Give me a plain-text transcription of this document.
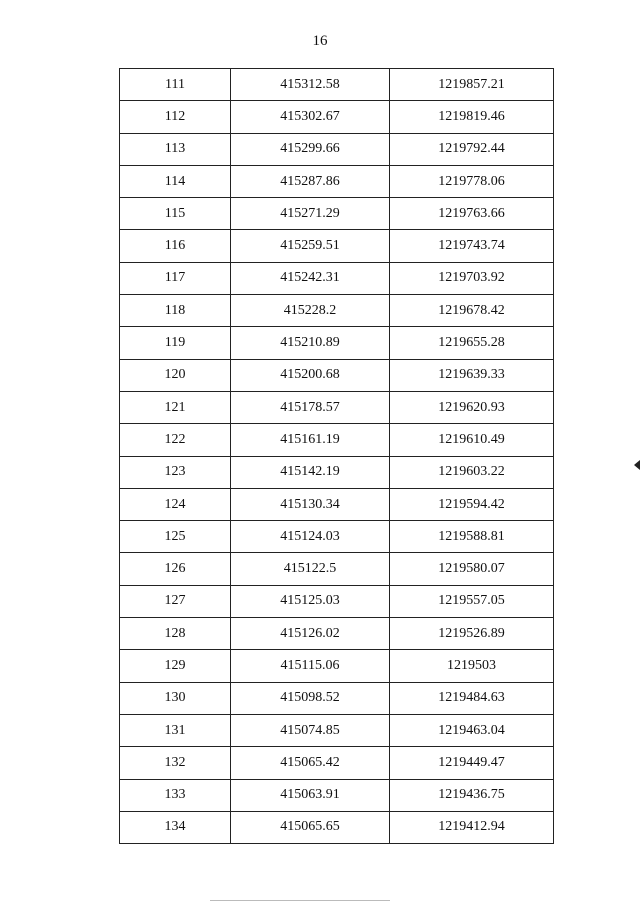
16
111	415312.58	1219857.21
112	415302.67	1219819.46
113	415299.66	1219792.44
114	415287.86	1219778.06
115	415271.29	1219763.66
116	415259.51	1219743.74
117	415242.31	1219703.92
118	415228.2	1219678.42
119	415210.89	1219655.28
120	415200.68	1219639.33
121	415178.57	1219620.93
122	415161.19	1219610.49
123	415142.19	1219603.22
124	415130.34	1219594.42
125	415124.03	1219588.81
126	415122.5	1219580.07
127	415125.03	1219557.05
128	415126.02	1219526.89
129	415115.06	1219503
130	415098.52	1219484.63
131	415074.85	1219463.04
132	415065.42	1219449.47
133	415063.91	1219436.75
134	415065.65	1219412.94
